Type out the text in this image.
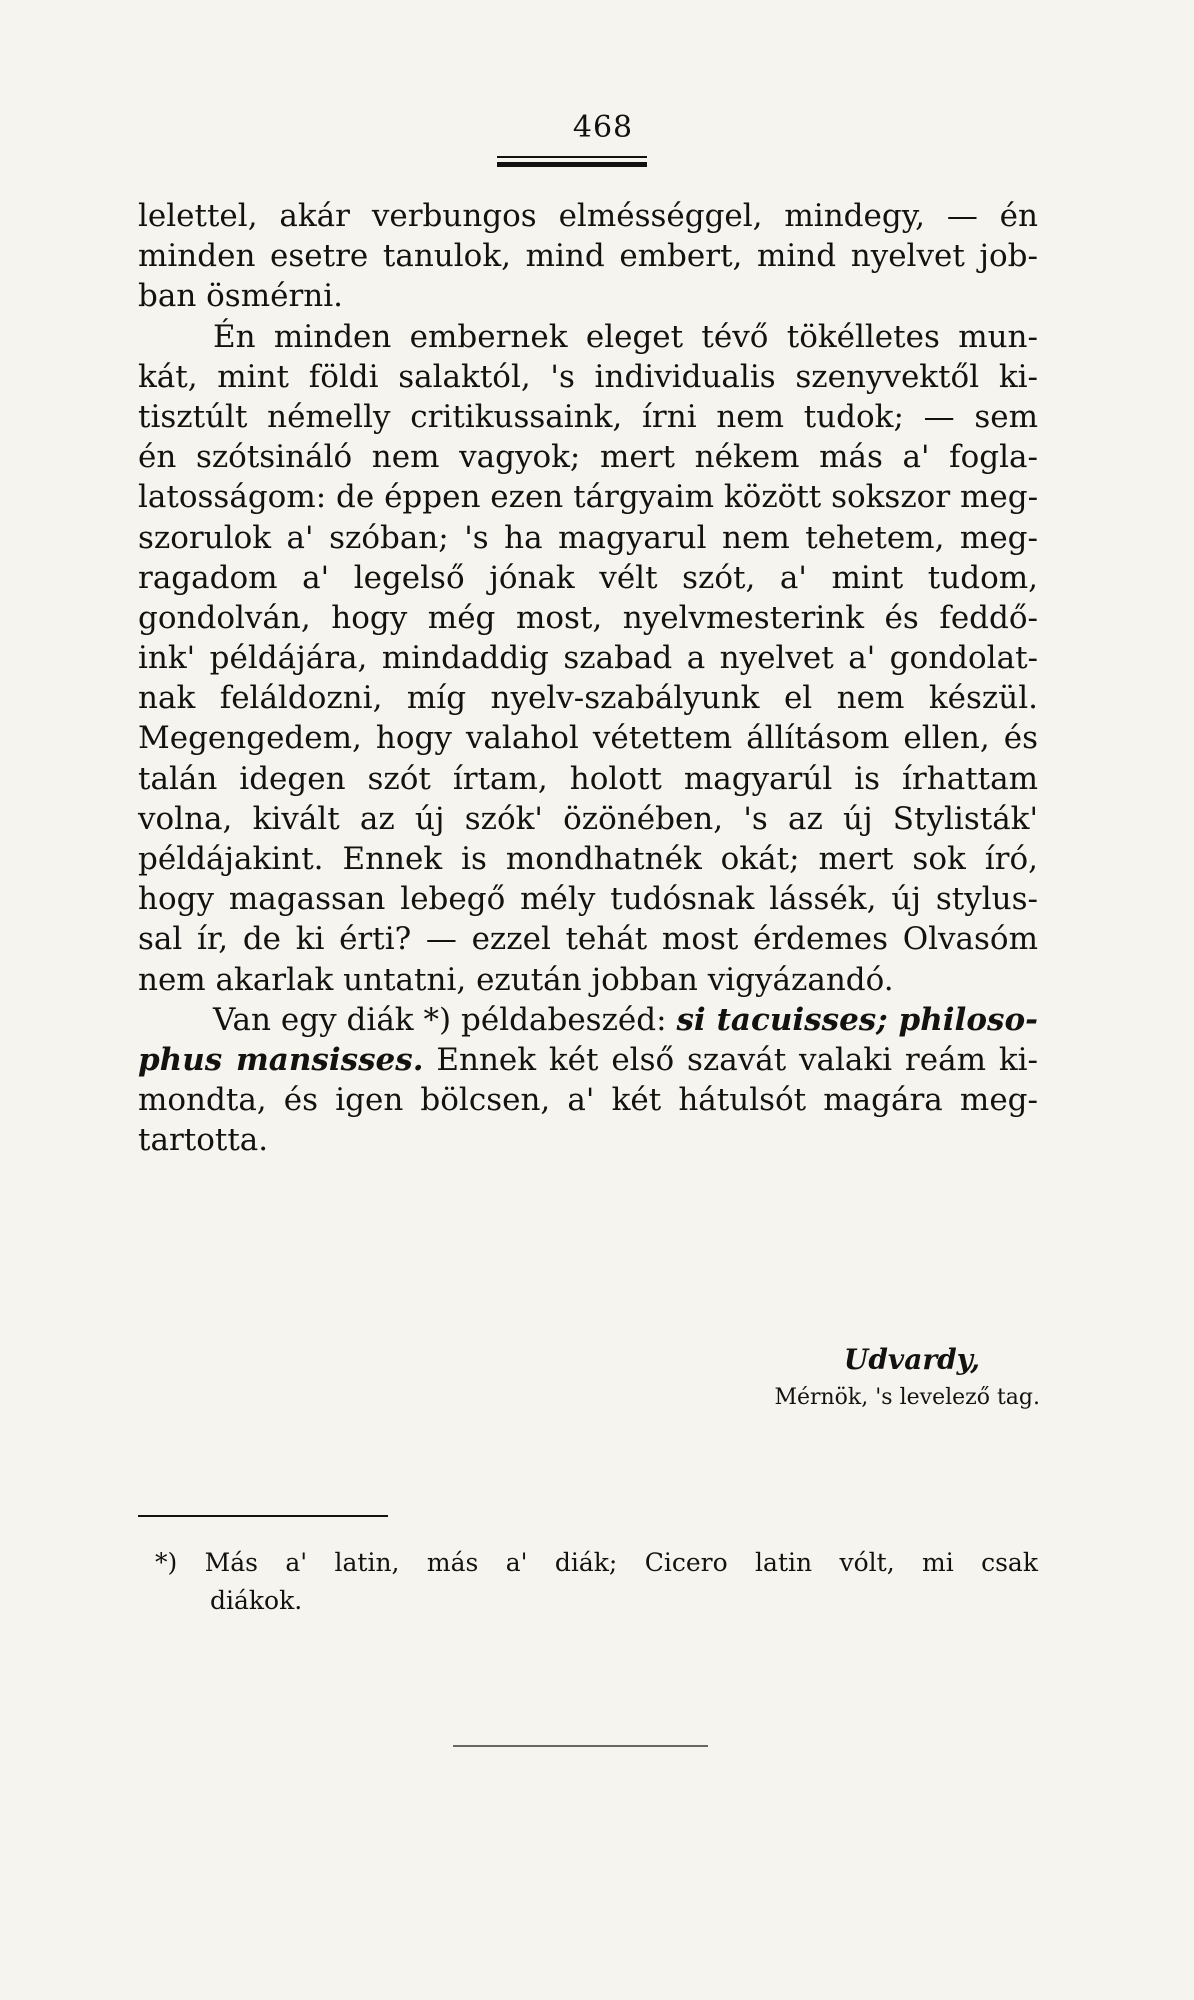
468
lelettel, akár verbungos elmésséggel, mindegy, — én
minden esetre tanulok, mind embert, mind nyelvet job-
ban ösmérni.
Én minden embernek eleget tévő tökélletes mun-
kát, mint földi salaktól, 's individualis szenyvektől ki-
tisztúlt némelly critikussaink, írni nem tudok; — sem
én szótsináló nem vagyok; mert nékem más a' fogla-
latosságom: de éppen ezen tárgyaim között sokszor meg-
szorulok a' szóban; 's ha magyarul nem tehetem, meg-
ragadom a' legelső jónak vélt szót, a' mint tudom,
gondolván, hogy még most, nyelvmesterink és feddő-
ink' példájára, mindaddig szabad a nyelvet a' gondolat-
nak feláldozni, míg nyelv-szabályunk el nem készül.
Megengedem, hogy valahol vétettem állításom ellen, és
talán idegen szót írtam, holott magyarúl is írhattam
volna, kivált az új szók' özönében, 's az új Stylisták'
példájakint. Ennek is mondhatnék okát; mert sok író,
hogy magassan lebegő mély tudósnak lássék, új stylus-
sal ír, de ki érti? — ezzel tehát most érdemes Olvasóm
nem akarlak untatni, ezután jobban vigyázandó.
Van egy diák *) példabeszéd: si tacuisses; philoso-
phus mansisses. Ennek két első szavát valaki reám ki-
mondta, és igen bölcsen, a' két hátulsót magára meg-
tartotta.
Udvardy,
Mérnök, 's levelező tag.
*) Más a' latin, más a' diák; Cicero latin vólt, mi csak
diákok.
